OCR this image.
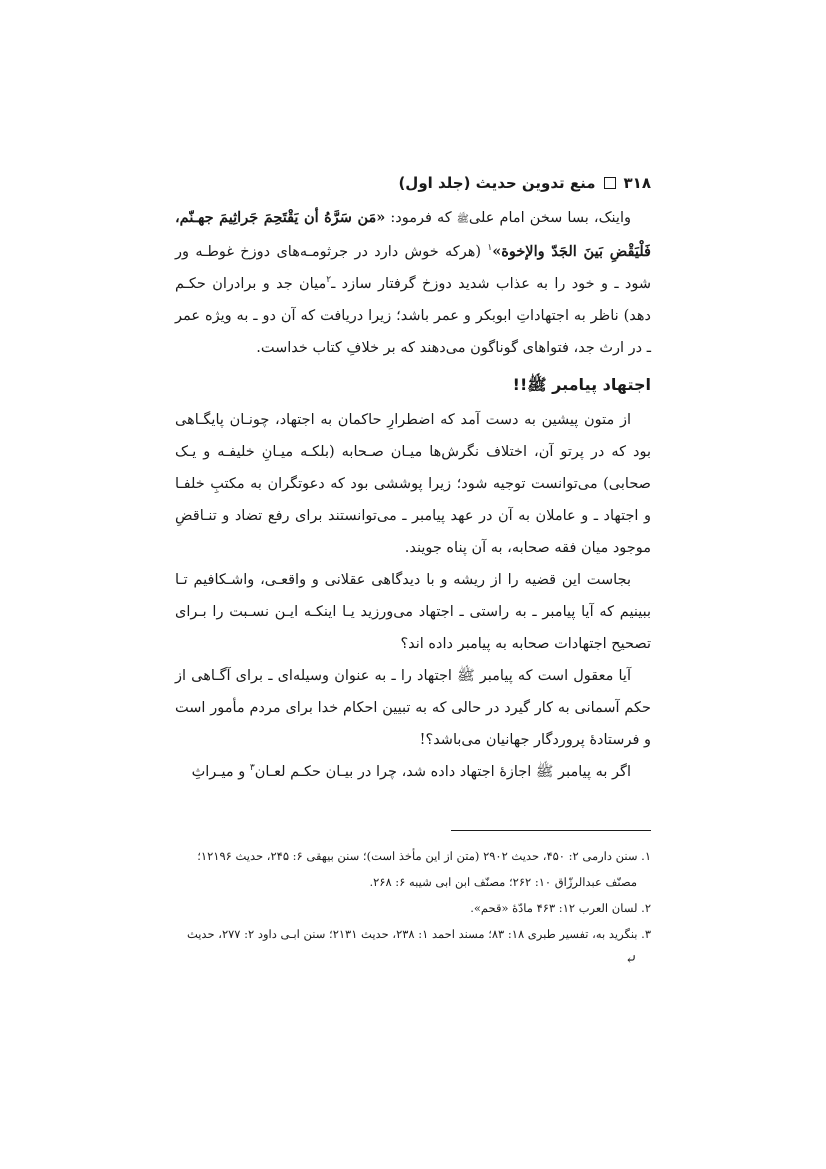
۳۱۸
منع تدوین حدیث (جلد اول)

واینک، بسا سخن امام علیﷺ که فرمود: «مَن سَرَّهُ أن يَقْتَحِمَ جَراثِيمَ جهـنّم، فَلْيَقْضِ بَينَ الجَدّ والإخوة»$^۱$ (هرکه خوش دارد در جرثومـه‌های دوزخ غوطـه ور شود ـ و خود را به عذاب شدید دوزخ گرفتار سازد ـ$^۲$میان جد و برادران حکـم دهد) ناظر به اجتهاداتِ ابوبکر و عمر باشد؛ زیرا دریافت که آن دو ـ به ویژه عمر ـ در ارث جد، فتواهای گوناگون می‌دهند که بر خلافِ کتاب خداست.

اجتهاد پیامبر ﷺ!!

از متون پیشین به دست آمد که اضطرارِ حاکمان به اجتهاد، چونـان پایگـاهی بود که در پرتو آن، اختلاف نگرش‌ها میـان صـحابه (بلکـه میـانِ خلیفـه و یـک صحابی) می‌توانست توجیه شود؛ زیرا پوششی بود که دعوتگران به مکتبِ خلفـا و اجتهاد ـ و عاملان به آن در عهد پیامبر ـ می‌توانستند برای رفع تضاد و تنـاقضِ موجود میان فقه صحابه، به آن پناه جویند.

بجاست این قضیه را از ریشه و با دیدگاهی عقلانی و واقعـی، واشـکافیم تـا ببینیم که آیا پیامبر ـ به راستی ـ اجتهاد می‌ورزید یـا اینکـه ایـن نسـبت را بـرای تصحیح اجتهادات صحابه به پیامبر داده اند؟

آیا معقول است که پیامبر ﷺ اجتهاد را ـ به عنوان وسیله‌ای ـ برای آگـاهی از حکم آسمانی به کار گیرد در حالی که به تبیین احکام خدا برای مردم مأمور است و فرستادهٔ پروردگار جهانیان می‌باشد؟!

اگر به پیامبر ﷺ اجازهٔ اجتهاد داده شد، چرا در بیـان حکـم لعـان$^۳$ و میـراثِ

۱. سنن دارمی ۲: ۴۵۰، حدیث ۲۹۰۲ (متن از این مأخذ است)؛ سنن بیهقی ۶: ۲۴۵، حدیث ۱۲۱۹۶؛
مصنّف عبدالرزّاق ۱۰: ۲۶۲؛ مصنّف ابن ابی شیبه ۶: ۲۶۸.

۲. لسان العرب ۱۲: ۴۶۳ مادّهٔ «قحم».

۳. بنگرید به، تفسیر طبری ۱۸: ۸۳؛ مسند احمد ۱: ۲۳۸، حدیث ۲۱۳۱؛ سنن ابـی داود ۲: ۲۷۷، حدیث
⤶
